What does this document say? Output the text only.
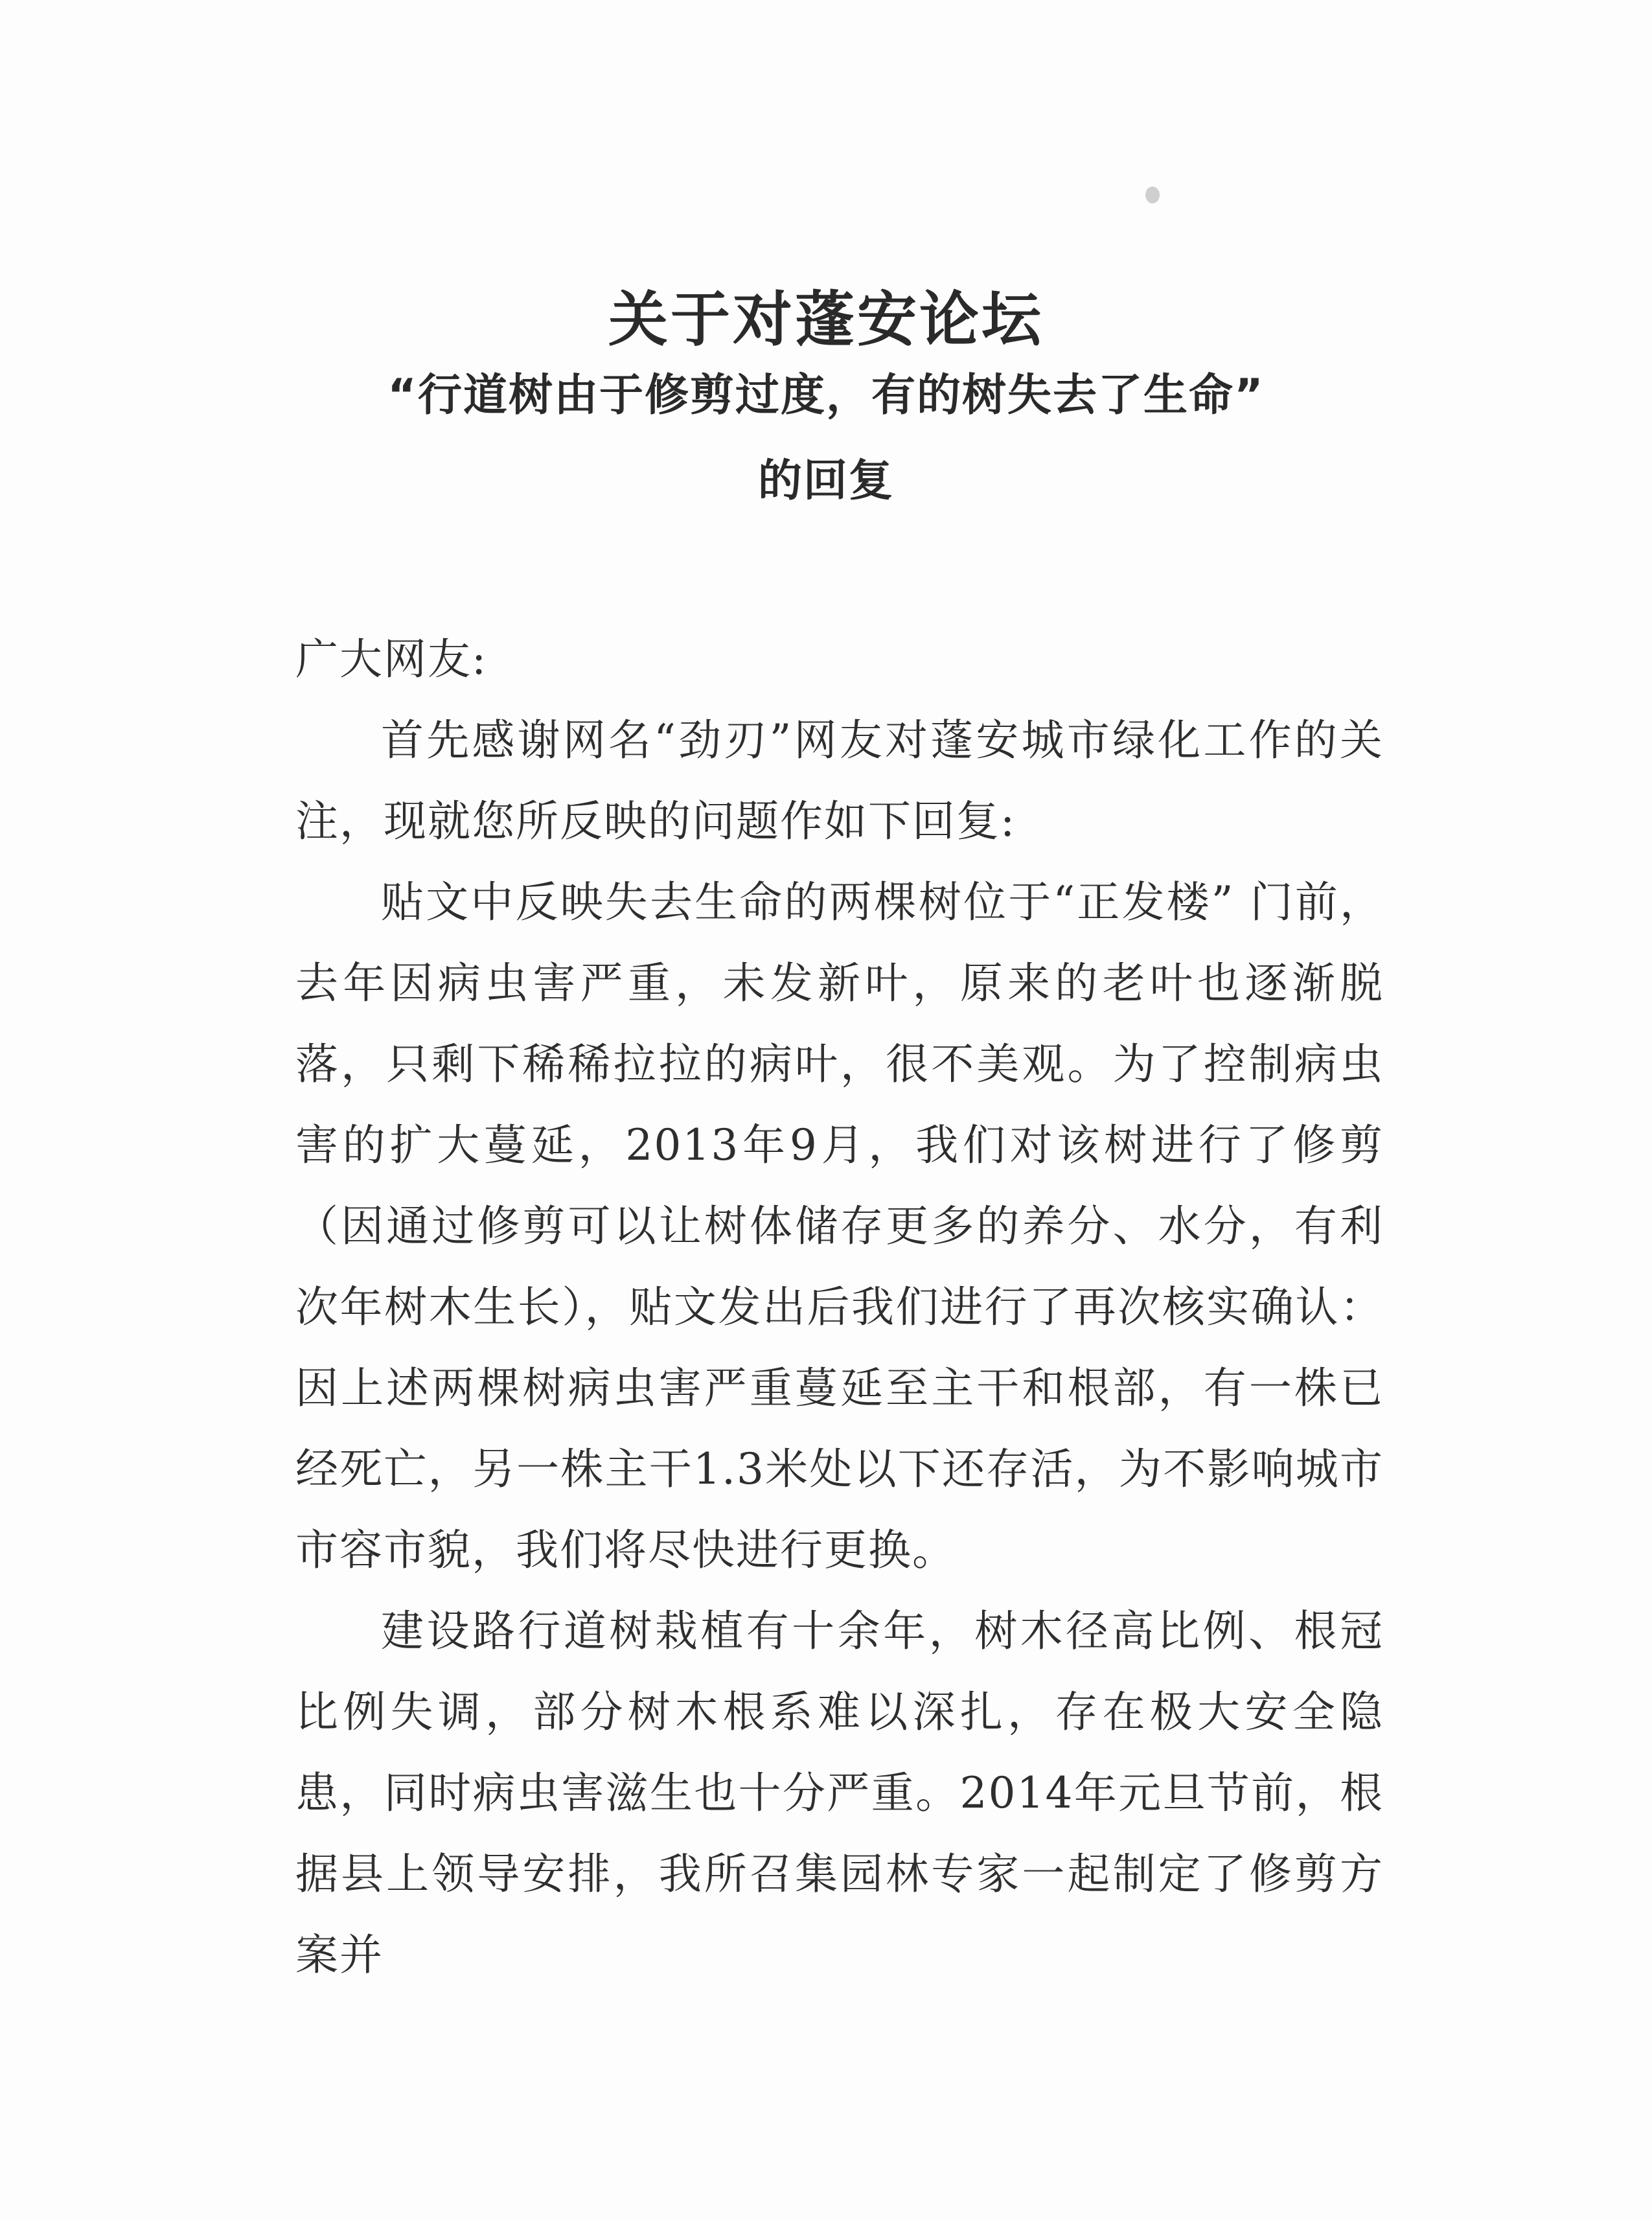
关于对蓬安论坛
“行道树由于修剪过度，有的树失去了生命”
的回复

广大网友:

首先感谢网名“劲刃”网友对蓬安城市绿化工作的关注，现就您所反映的问题作如下回复:

贴文中反映失去生命的两棵树位于“正发楼” 门前，去年因病虫害严重，未发新叶，原来的老叶也逐渐脱落，只剩下稀稀拉拉的病叶，很不美观。为了控制病虫害的扩大蔓延，2013年9月，我们对该树进行了修剪（因通过修剪可以让树体储存更多的养分、水分，有利次年树木生长），贴文发出后我们进行了再次核实确认：因上述两棵树病虫害严重蔓延至主干和根部，有一株已经死亡，另一株主干1.3米处以下还存活，为不影响城市市容市貌，我们将尽快进行更换。

建设路行道树栽植有十余年，树木径高比例、根冠比例失调，部分树木根系难以深扎，存在极大安全隐患，同时病虫害滋生也十分严重。2014年元旦节前，根据县上领导安排，我所召集园林专家一起制定了修剪方案并
